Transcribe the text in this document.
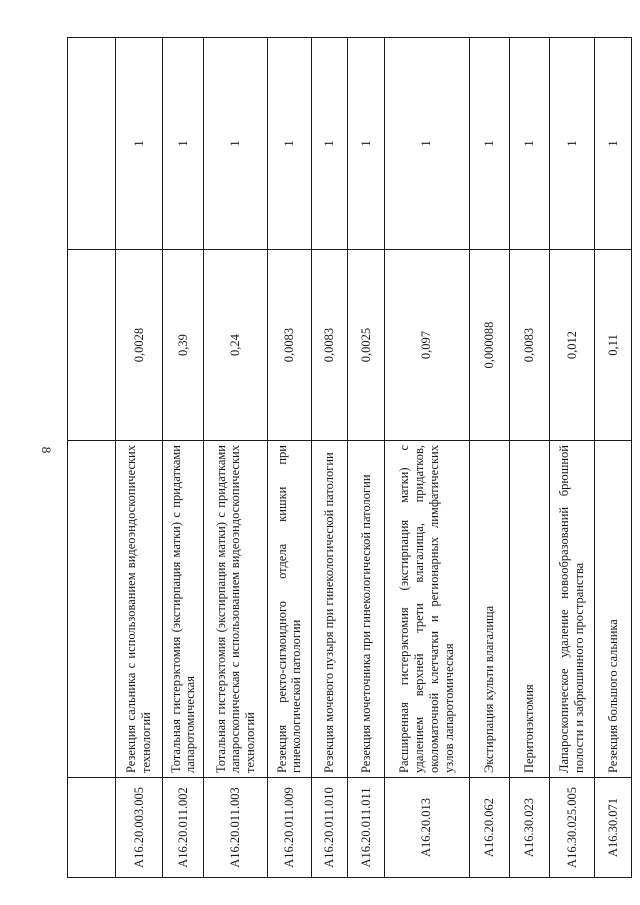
8

A16.20.003.005	Резекция сальника с использованием видеоэндоскопических технологий	0,0028	1
A16.20.011.002	Тотальная гистерэктомия (экстирпация матки) с придатками лапаротомическая	0,39	1
A16.20.011.003	Тотальная гистерэктомия (экстирпация матки) с придатками лапароскопическая с использованием видеоэндоскопических технологий	0,24	1
A16.20.011.009	Резекция ректо-сигмоидного отдела кишки при гинекологической патологии	0,0083	1
A16.20.011.010	Резекция мочевого пузыря при гинекологической патологии	0,0083	1
A16.20.011.011	Резекция мочеточника при гинекологической патологии	0,0025	1
A16.20.013	Расширенная гистерэктомия (экстирпация матки) с удалением верхней трети влагалища, придатков, околоматочной клетчатки и регионарных лимфатических узлов лапаротомическая	0,097	1
A16.20.062	Экстирпация культи влагалища	0,000088	1
A16.30.023	Перитонэктомия	0,0083	1
A16.30.025.005	Лапароскопическое удаление новообразований брюшной полости и забрюшинного пространства	0,012	1
A16.30.071	Резекция большого сальника	0,11	1
